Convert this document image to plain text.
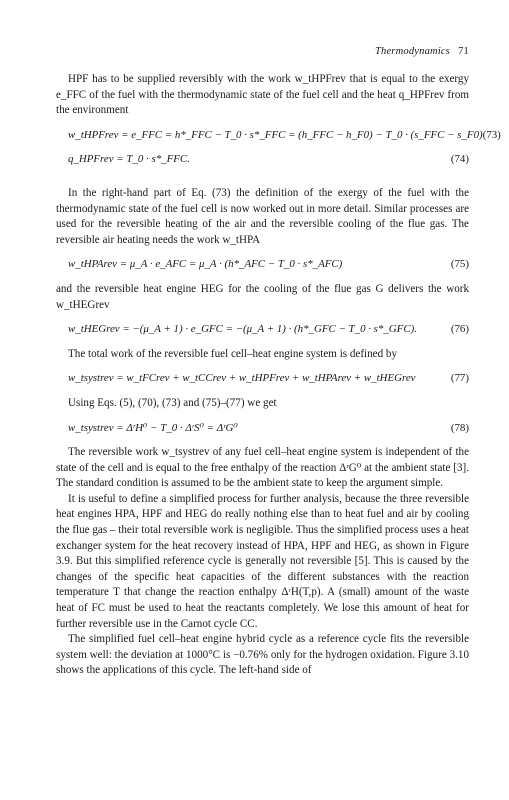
Thermodynamics 71

HPF has to be supplied reversibly with the work w_tHPFrev that is equal to the exergy e_FFC of the fuel with the thermodynamic state of the fuel cell and the heat q_HPFrev from the environment

w_tHPFrev = e_FFC = h*_FFC − T_0 · s*_FFC = (h_FFC − h_F0) − T_0 · (s_FFC − s_F0) (73)
q_HPFrev = T_0 · s*_FFC.	(74)

In the right-hand part of Eq. (73) the definition of the exergy of the fuel with the thermodynamic state of the fuel cell is now worked out in more detail. Similar processes are used for the reversible heating of the air and the reversible cooling of the flue gas. The reversible air heating needs the work w_tHPA

w_tHPArev = μ_A · e_AFC = μ_A · (h*_AFC − T_0 · s*_AFC)	(75)

and the reversible heat engine HEG for the cooling of the flue gas G delivers the work w_tHEGrev

w_tHEGrev = −(μ_A + 1) · e_GFC = −(μ_A + 1) · (h*_GFC − T_0 · s*_GFC).	(76)

The total work of the reversible fuel cell–heat engine system is defined by

w_tsystrev = w_tFCrev + w_tCCrev + w_tHPFrev + w_tHPArev + w_tHEGrev	(77)

Using Eqs. (5), (70), (73) and (75)–(77) we get

w_tsystrev = ΔʳH⁰ − T_0 · ΔʳS⁰ = ΔʳG⁰	(78)

The reversible work w_tsystrev of any fuel cell–heat engine system is independent of the state of the cell and is equal to the free enthalpy of the reaction ΔʳG⁰ at the ambient state [3]. The standard condition is assumed to be the ambient state to keep the argument simple.

It is useful to define a simplified process for further analysis, because the three reversible heat engines HPA, HPF and HEG do really nothing else than to heat fuel and air by cooling the flue gas – their total reversible work is negligible. Thus the simplified process uses a heat exchanger system for the heat recovery instead of HPA, HPF and HEG, as shown in Figure 3.9. But this simplified reference cycle is generally not reversible [5]. This is caused by the changes of the specific heat capacities of the different substances with the reaction temperature T that change the reaction enthalpy ΔʳH(T,p). A (small) amount of the waste heat of FC must be used to heat the reactants completely. We lose this amount of heat for further reversible use in the Carnot cycle CC.

The simplified fuel cell–heat engine hybrid cycle as a reference cycle fits the reversible system well: the deviation at 1000°C is −0.76% only for the hydrogen oxidation. Figure 3.10 shows the applications of this cycle. The left-hand side of
